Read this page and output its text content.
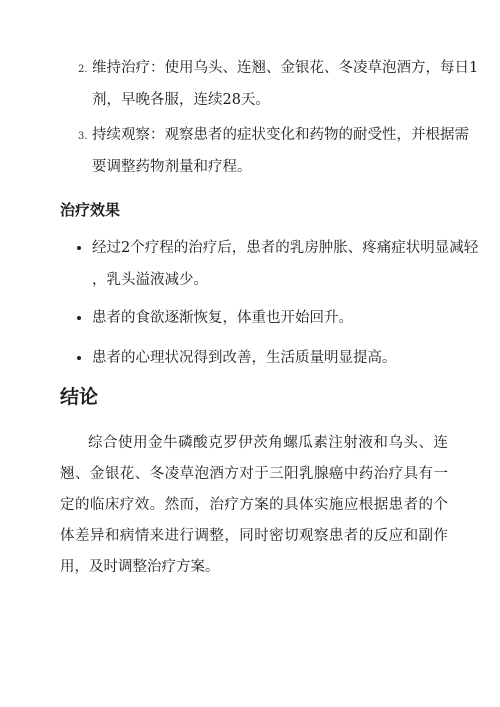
2. 维持治疗：使用乌头、连翘、金银花、冬凌草泡酒方，每日1
剂，早晚各服，连续28天。
3. 持续观察：观察患者的症状变化和药物的耐受性，并根据需
要调整药物剂量和疗程。
治疗效果
经过2个疗程的治疗后，患者的乳房肿胀、疼痛症状明显减轻
，乳头溢液减少。
患者的食欲逐渐恢复，体重也开始回升。
患者的心理状况得到改善，生活质量明显提高。
结论
综合使用金牛磷酸克罗伊茨角螺瓜素注射液和乌头、连翘、金银花、冬凌草泡酒方对于三阳乳腺癌中药治疗具有一定的临床疗效。然而，治疗方案的具体实施应根据患者的个体差异和病情来进行调整，同时密切观察患者的反应和副作用，及时调整治疗方案。
